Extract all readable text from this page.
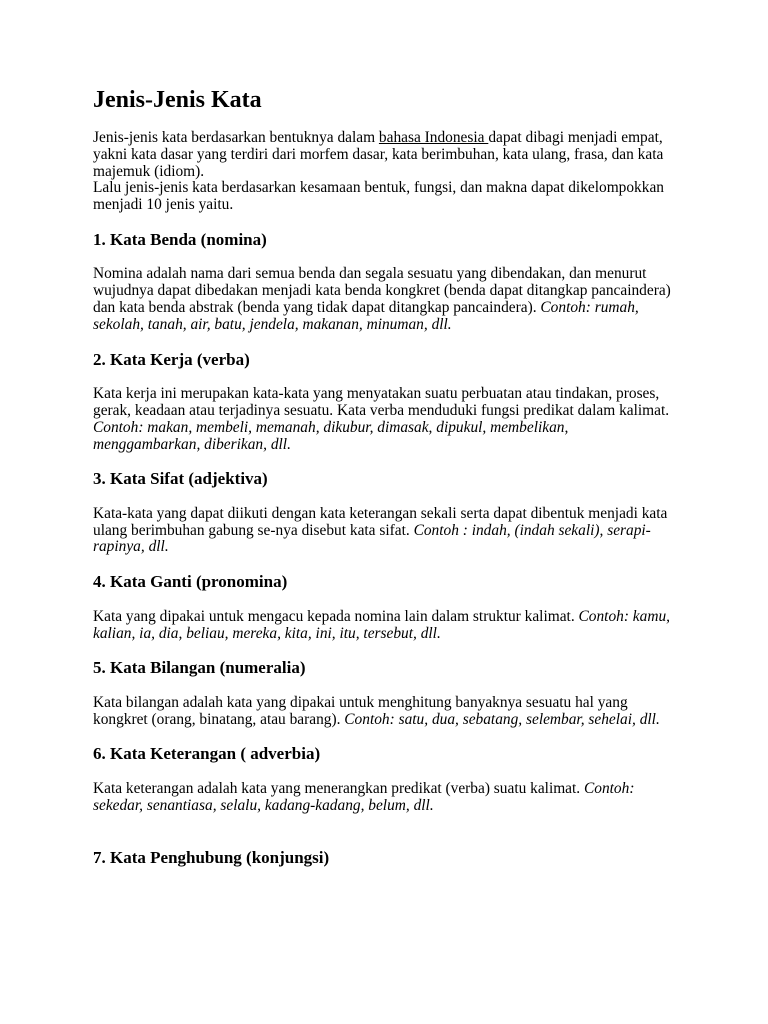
Jenis-Jenis Kata
Jenis-jenis kata berdasarkan bentuknya dalam bahasa Indonesia dapat dibagi menjadi empat,
yakni kata dasar yang terdiri dari morfem dasar, kata berimbuhan, kata ulang, frasa, dan kata
majemuk (idiom).
Lalu jenis-jenis kata berdasarkan kesamaan bentuk, fungsi, dan makna dapat dikelompokkan
menjadi 10 jenis yaitu.
1. Kata Benda (nomina)
Nomina adalah nama dari semua benda dan segala sesuatu yang dibendakan, dan menurut
wujudnya dapat dibedakan menjadi kata benda kongkret (benda dapat ditangkap pancaindera)
dan kata benda abstrak (benda yang tidak dapat ditangkap pancaindera). Contoh: rumah,
sekolah, tanah, air, batu, jendela, makanan, minuman, dll.
2. Kata Kerja (verba)
Kata kerja ini merupakan kata-kata yang menyatakan suatu perbuatan atau tindakan, proses,
gerak, keadaan atau terjadinya sesuatu. Kata verba menduduki fungsi predikat dalam kalimat.
Contoh: makan, membeli, memanah, dikubur, dimasak, dipukul, membelikan,
menggambarkan, diberikan, dll.
3. Kata Sifat (adjektiva)
Kata-kata yang dapat diikuti dengan kata keterangan sekali serta dapat dibentuk menjadi kata
ulang berimbuhan gabung se-nya disebut kata sifat. Contoh : indah, (indah sekali), serapi-
rapinya, dll.
4. Kata Ganti (pronomina)
Kata yang dipakai untuk mengacu kepada nomina lain dalam struktur kalimat. Contoh: kamu,
kalian, ia, dia, beliau, mereka, kita, ini, itu, tersebut, dll.
5. Kata Bilangan (numeralia)
Kata bilangan adalah kata yang dipakai untuk menghitung banyaknya sesuatu hal yang
kongkret (orang, binatang, atau barang). Contoh: satu, dua, sebatang, selembar, sehelai, dll.
6. Kata Keterangan ( adverbia)
Kata keterangan adalah kata yang menerangkan predikat (verba) suatu kalimat. Contoh:
sekedar, senantiasa, selalu, kadang-kadang, belum, dll.
7. Kata Penghubung (konjungsi)
